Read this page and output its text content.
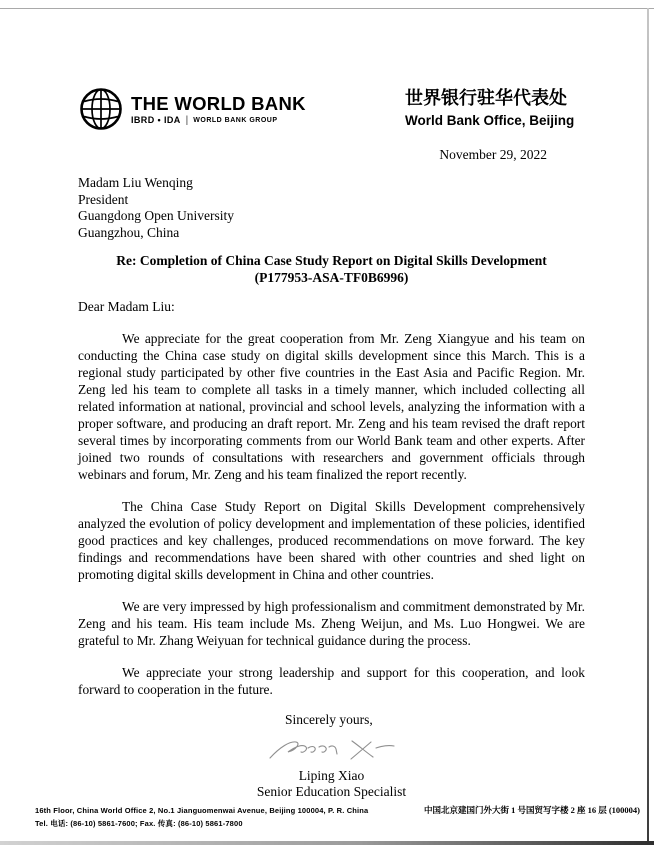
THE WORLD BANK
IBRD • IDA | WORLD BANK GROUP
世界银行驻华代表处
World Bank Office, Beijing
November 29, 2022
Madam Liu Wenqing
President
Guangdong Open University
Guangzhou, China
Re: Completion of China Case Study Report on Digital Skills Development
(P177953-ASA-TF0B6996)
Dear Madam Liu:

We appreciate for the great cooperation from Mr. Zeng Xiangyue and his team on conducting the China case study on digital skills development since this March. This is a regional study participated by other five countries in the East Asia and Pacific Region. Mr. Zeng led his team to complete all tasks in a timely manner, which included collecting all related information at national, provincial and school levels, analyzing the information with a proper software, and producing an draft report. Mr. Zeng and his team revised the draft report several times by incorporating comments from our World Bank team and other experts. After joined two rounds of consultations with researchers and government officials through webinars and forum, Mr. Zeng and his team finalized the report recently.

The China Case Study Report on Digital Skills Development comprehensively analyzed the evolution of policy development and implementation of these policies, identified good practices and key challenges, produced recommendations on move forward. The key findings and recommendations have been shared with other countries and shed light on promoting digital skills development in China and other countries.

We are very impressed by high professionalism and commitment demonstrated by Mr. Zeng and his team. His team include Ms. Zheng Weijun, and Ms. Luo Hongwei. We are grateful to Mr. Zhang Weiyuan for technical guidance during the process.

We appreciate your strong leadership and support for this cooperation, and look forward to cooperation in the future.

Sincerely yours,
Liping Xiao
Senior Education Specialist
16th Floor, China World Office 2, No.1 Jianguomenwai Avenue, Beijing 100004, P. R. China
Tel. 电话: (86-10) 5861-7600; Fax. 传真: (86-10) 5861-7800
中国北京建国门外大街 1 号国贸写字楼 2 座 16 层 (100004)
